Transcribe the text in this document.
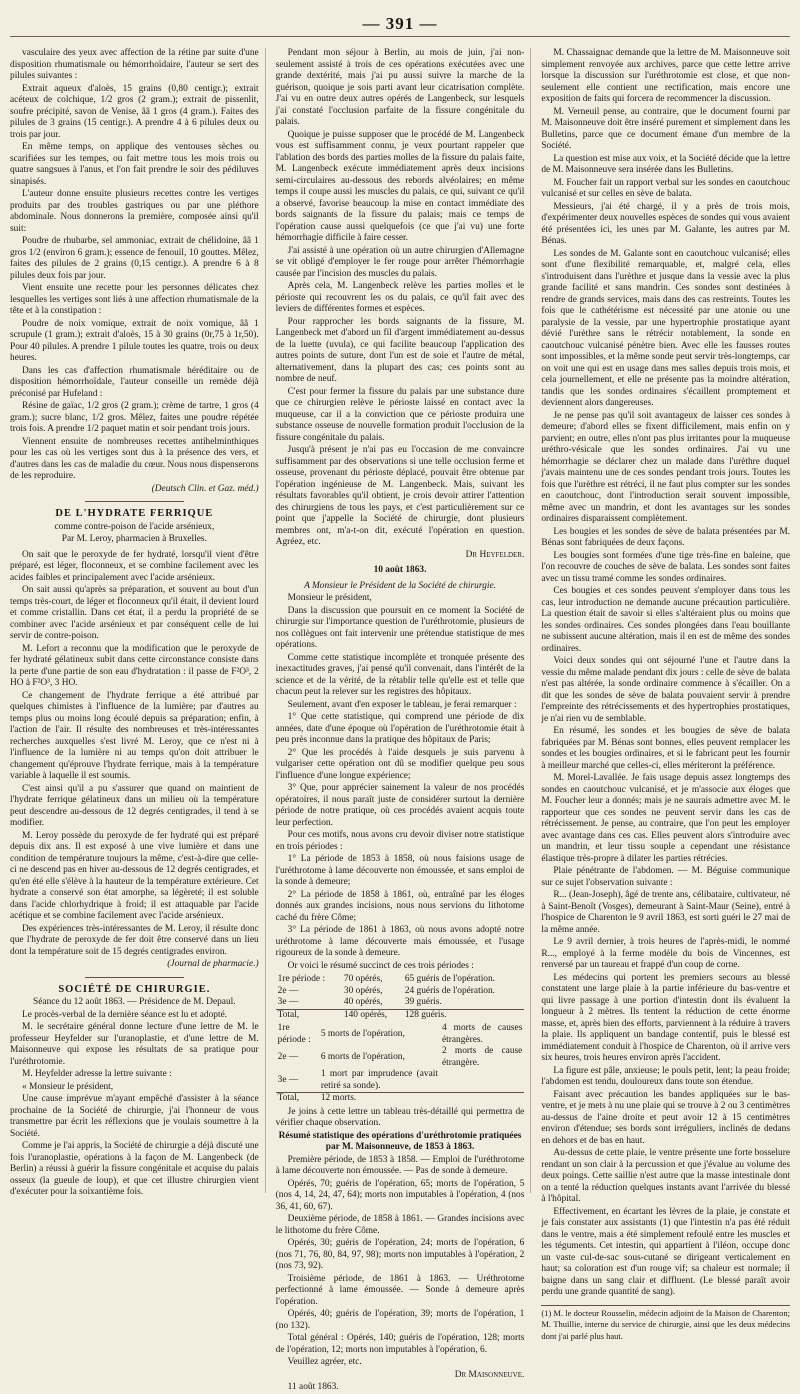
— 391 —

vasculaire des yeux avec affection de la rétine par suite d'une disposition rhumatismale ou hémorrhoïdaire, l'auteur se sert des pilules suivantes :

Extrait aqueux d'aloès, 15 grains (0,80 centigr.); extrait acéteux de colchique, 1/2 gros (2 gram.); extrait de pissenlit, soufre précipité, savon de Venise, âã 1 gros (4 gram.). Faites des pilules de 3 grains (15 centigr.). A prendre 4 à 6 pilules deux ou trois par jour.

En même temps, on applique des ventouses sèches ou scarifiées sur les tempes, ou fait mettre tous les mois trois ou quatre sangsues à l'anus, et l'on fait prendre le soir des pédiluves sinapisés.

L'auteur donne ensuite plusieurs recettes contre les vertiges produits par des troubles gastriques ou par une pléthore abdominale. Nous donnerons la première, composée ainsi qu'il suit:

Poudre de rhubarbe, sel ammoniac, extrait de chélidoine, âã 1 gros 1/2 (environ 6 gram.); essence de fenouil, 10 gouttes. Mêlez, faites des pilules de 2 grains (0,15 centigr.). A prendre 6 à 8 pilules deux fois par jour.

Vient ensuite une recette pour les personnes délicates chez lesquelles les vertiges sont liés à une affection rhumatismale de la tête et à la constipation :

Poudre de noix vomique, extrait de noix vomique, âã 1 scrupule (1 gram.); extrait d'aloès, 15 à 30 grains (0r,75 à 1r,50). Pour 40 pilules. A prendre 1 pilule toutes les quatre, trois ou deux heures.

Dans les cas d'affection rhumatismale héréditaire ou de disposition hémorrhoïdale, l'auteur conseille un remède déjà préconisé par Hufeland :

Résine de gaïac, 1/2 gros (2 gram.); crème de tartre, 1 gros (4 gram.); sucre blanc, 1/2 gros. Mêlez, faites une poudre répétée trois fois. A prendre 1/2 paquet matin et soir pendant trois jours.

Viennent ensuite de nombreuses recettes antihelminthiques pour les cas où les vertiges sont dus à la présence des vers, et d'autres dans les cas de maladie du cœur. Nous nous dispenserons de les reproduire.

(Deutsch Clin. et Gaz. méd.)

DE L'HYDRATE FERRIQUE
comme contre-poison de l'acide arsénieux,
Par M. Leroy, pharmacien à Bruxelles.

On sait que le peroxyde de fer hydraté, lorsqu'il vient d'être préparé, est léger, floconneux, et se combine facilement avec les acides faibles et principalement avec l'acide arsénieux.

On sait aussi qu'après sa préparation, et souvent au bout d'un temps très-court, de léger et floconneux qu'il était, il devient lourd et comme cristallin. Dans cet état, il a perdu la propriété de se combiner avec l'acide arsénieux et par conséquent celle de lui servir de contre-poison.

M. Lefort a reconnu que la modification que le peroxyde de fer hydraté gélatineux subit dans cette circonstance consiste dans la perte d'une partie de son eau d'hydratation : il passe de F²O³, 2 HO à F²O³, 3 HO.

Ce changement de l'hydrate ferrique a été attribué par quelques chimistes à l'influence de la lumière; par d'autres au temps plus ou moins long écoulé depuis sa préparation; enfin, à l'action de l'air. Il résulte des nombreuses et très-intéressantes recherches auxquelles s'est livré M. Leroy, que ce n'est ni à l'influence de la lumière ni au temps qu'on doit attribuer le changement qu'éprouve l'hydrate ferrique, mais à la température variable à laquelle il est soumis.

C'est ainsi qu'il a pu s'assurer que quand on maintient de l'hydrate ferrique gélatineux dans un milieu où la température peut descendre au-dessous de 12 degrés centigrades, il tend à se modifier.

M. Leroy possède du peroxyde de fer hydraté qui est préparé depuis dix ans. Il est exposé à une vive lumière et dans une condition de température toujours la même, c'est-à-dire que celle-ci ne descend pas en hiver au-dessous de 12 degrés centigrades, et qu'en été elle s'élève à la hauteur de la température extérieure. Cet hydrate a conservé son état amorphe, sa légèreté; il est soluble dans l'acide chlorhydrique à froid; il est attaquable par l'acide acétique et se combine facilement avec l'acide arsénieux.

Des expériences très-intéressantes de M. Leroy, il résulte donc que l'hydrate de peroxyde de fer doit être conservé dans un lieu dont la température soit de 15 degrés centigrades environ.

(Journal de pharmacie.)

SOCIÉTÉ DE CHIRURGIE.

Séance du 12 août 1863. — Présidence de M. Depaul.

Le procès-verbal de la dernière séance est lu et adopté.

M. le secrétaire général donne lecture d'une lettre de M. le professeur Heyfelder sur l'uranoplastie, et d'une lettre de M. Maisonneuve qui expose les résultats de sa pratique pour l'uréthrotomie.

M. Heyfelder adresse la lettre suivante :

« Monsieur le président,

Une cause imprévue m'ayant empêché d'assister à la séance prochaine de la Société de chirurgie, j'ai l'honneur de vous transmettre par écrit les réflexions que je voulais soumettre à la Société.

Comme je l'ai appris, la Société de chirurgie a déjà discuté une fois l'uranoplastie, opérations à la façon de M. Langenbeck (de Berlin) a réussi à guérir la fissure congénitale et acquise du palais osseux (la gueule de loup), et que cet illustre chirurgien vient d'exécuter pour la soixantième fois.

Pendant mon séjour à Berlin, au mois de juin, j'ai non-seulement assisté à trois de ces opérations exécutées avec une grande dextérité, mais j'ai pu aussi suivre la marche de la guérison, quoique je sois parti avant leur cicatrisation complète. J'ai vu en outre deux autres opérés de Langenbeck, sur lesquels j'ai constaté l'occlusion parfaite de la fissure congénitale du palais.

Quoique je puisse supposer que le procédé de M. Langenbeck vous est suffisamment connu, je veux pourtant rappeler que l'ablation des bords des parties molles de la fissure du palais faite, M. Langenbeck exécute immédiatement après deux incisions semi-circulaires au-dessous des rebords alvéolaires; en même temps il coupe aussi les muscles du palais, ce qui, suivant ce qu'il a observé, favorise beaucoup la mise en contact immédiate des bords saignants de la fissure du palais; mais ce temps de l'opération cause aussi quelquefois (ce que j'ai vu) une forte hémorrhagie difficile à faire cesser.

J'ai assisté à une opération où un autre chirurgien d'Allemagne se vit obligé d'employer le fer rouge pour arrêter l'hémorrhagie causée par l'incision des muscles du palais.

Après cela, M. Langenbeck relève les parties molles et le périoste qui recouvrent les os du palais, ce qu'il fait avec des leviers de différentes formes et espèces.

Pour rapprocher les bords saignants de la fissure, M. Langenbeck met d'abord un fil d'argent immédiatement au-dessus de la luette (uvula), ce qui facilite beaucoup l'application des autres points de suture, dont l'un est de soie et l'autre de métal, alternativement, dans la plupart des cas; ces points sont au nombre de neuf.

C'est pour fermer la fissure du palais par une substance dure que ce chirurgien relève le périoste laissé en contact avec la muqueuse, car il a la conviction que ce périoste produira une substance osseuse de nouvelle formation produit l'occlusion de la fissure congénitale du palais.

Jusqu'à présent je n'ai pas eu l'occasion de me convaincre suffisamment par des observations si une telle occlusion ferme et osseuse, provenant du périoste déplacé, pouvait être obtenue par l'opération ingénieuse de M. Langenbeck. Mais, suivant les résultats favorables qu'il obtient, je crois devoir attirer l'attention des chirurgiens de tous les pays, et c'est particulièrement sur ce point que j'appelle la Société de chirurgie, dont plusieurs membres ont, m'a-t-on dit, exécuté l'opération en question. Agréez, etc.

Dr Heyfelder.

10 août 1863.

A Monsieur le Président de la Société de chirurgie.

Monsieur le président,

Dans la discussion que poursuit en ce moment la Société de chirurgie sur l'importance question de l'uréthrotomie, plusieurs de nos collègues ont fait intervenir une prétendue statistique de mes opérations.

Comme cette statistique incomplète et tronquée présente des inexactitudes graves, j'ai pensé qu'il convenait, dans l'intérêt de la science et de la vérité, de la rétablir telle qu'elle est et telle que chacun peut la relever sur les registres des hôpitaux.

Seulement, avant d'en exposer le tableau, je ferai remarquer :

1° Que cette statistique, qui comprend une période de dix années, date d'une époque où l'opération de l'uréthrotomie était à peu près inconnue dans la pratique des hôpitaux de Paris;

2° Que les procédés à l'aide desquels je suis parvenu à vulgariser cette opération ont dû se modifier quelque peu sous l'influence d'une longue expérience;

3° Que, pour apprécier sainement la valeur de nos procédés opératoires, il nous paraît juste de considérer surtout la dernière période de notre pratique, où ces procédés avaient acquis toute leur perfection.

Pour ces motifs, nous avons cru devoir diviser notre statistique en trois périodes :

1° La période de 1853 à 1858, où nous faisions usage de l'uréthrotome à lame découverte non émoussée, et sans emploi de la sonde à demeure;

2° La période de 1858 à 1861, où, entraîné par les éloges donnés aux grandes incisions, nous nous servions du lithotome caché du frère Côme;

3° La période de 1861 à 1863, où nous avons adopté notre uréthrotome à lame découverte mais émoussée, et l'usage rigoureux de la sonde à demeure.

Or voici le résumé succinct de ces trois périodes :

1re période :	70 opérés,	65 guéris de l'opération.
2e —	30 opérés,	24 guéris de l'opération.
3e —	40 opérés,	39 guéris.
Total,	140 opérés,	128 guéris.
1re période :	5 morts de l'opération,	4 morts de causes étrangères.
2e —	6 morts de l'opération,	2 morts de cause étrangère.
3e —	1 mort par imprudence (avait retiré sa sonde).	
Total,	12 morts.	

Je joins à cette lettre un tableau très-détaillé qui permettra de vérifier chaque observation.

Résumé statistique des opérations d'uréthrotomie pratiquées par M. Maisonneuve, de 1853 à 1863.

Première période, de 1853 à 1858. — Emploi de l'uréthrotome à lame découverte non émoussée. — Pas de sonde à demeure.

Opérés, 70; guéris de l'opération, 65; morts de l'opération, 5 (nos 4, 14, 24, 47, 64); morts non imputables à l'opération, 4 (nos 36, 41, 60, 67).

Deuxième période, de 1858 à 1861. — Grandes incisions avec le lithotome du frère Côme.

Opérés, 30; guéris de l'opération, 24; morts de l'opération, 6 (nos 71, 76, 80, 84, 97, 98); morts non imputables à l'opération, 2 (nos 73, 92).

Troisième période, de 1861 à 1863. — Uréthrotome perfectionné à lame émoussée. — Sonde à demeure après l'opération.

Opérés, 40; guéris de l'opération, 39; morts de l'opération, 1 (no 132).

Total général : Opérés, 140; guéris de l'opération, 128; morts de l'opération, 12; morts non imputables à l'opération, 6.

Veuillez agréer, etc.

Dr Maisonneuve.

11 août 1863.

M. Chassaignac demande que la lettre de M. Maisonneuve soit simplement renvoyée aux archives, parce que cette lettre arrive lorsque la discussion sur l'uréthrotomie est close, et que non-seulement elle contient une rectification, mais encore une exposition de faits qui forcera de recommencer la discussion.

M. Verneuil pense, au contraire, que le document fourni par M. Maisonneuve doit être inséré purement et simplement dans les Bulletins, parce que ce document émane d'un membre de la Société.

La question est mise aux voix, et la Société décide que la lettre de M. Maisonneuve sera insérée dans les Bulletins.

M. Foucher fait un rapport verbal sur les sondes en caoutchouc vulcanisé et sur celles en sève de balata.

Messieurs, j'ai été chargé, il y a près de trois mois, d'expérimenter deux nouvelles espèces de sondes qui vous avaient été présentées ici, les unes par M. Galante, les autres par M. Bénas.

Les sondes de M. Galante sont en caoutchouc vulcanisé; elles sont d'une flexibilité remarquable, et, malgré cela, elles s'introduisent dans l'urèthre et jusque dans la vessie avec la plus grande facilité et sans mandrin. Ces sondes sont destinées à rendre de grands services, mais dans des cas restreints. Toutes les fois que le cathétérisme est nécessité par une atonie ou une paralysie de la vessie, par une hypertrophie prostatique ayant dévié l'urèthre sans le rétrécir notablement, la sonde en caoutchouc vulcanisé pénètre bien. Avec elle les fausses routes sont impossibles, et la même sonde peut servir très-longtemps, car on voit une qui est en usage dans mes salles depuis trois mois, et cela journellement, et elle ne présente pas la moindre altération, tandis que les sondes ordinaires s'écaillent promptement et deviennent alors dangereuses.

Je ne pense pas qu'il soit avantageux de laisser ces sondes à demeure; d'abord elles se fixent difficilement, mais enfin on y parvient; en outre, elles n'ont pas plus irritantes pour la muqueuse uréthro-vésicale que les sondes ordinaires. J'ai vu une hémorrhagie se déclarer chez un malade dans l'urèthre duquel j'avais maintenu une de ces sondes pendant trois jours. Toutes les fois que l'urèthre est rétréci, il ne faut plus compter sur les sondes en caoutchouc, dont l'introduction serait souvent impossible, même avec un mandrin, et dont les avantages sur les sondes ordinaires disparaissent complètement.

Les bougies et les sondes de sève de balata présentées par M. Bénas sont fabriquées de deux façons.

Les bougies sont formées d'une tige très-fine en baleine, que l'on recouvre de couches de sève de balata. Les sondes sont faites avec un tissu tramé comme les sondes ordinaires.

Ces bougies et ces sondes peuvent s'employer dans tous les cas, leur introduction ne demande aucune précaution particulière. La question était de savoir si elles s'altéraient plus ou moins que les sondes ordinaires. Ces sondes plongées dans l'eau bouillante ne subissent aucune altération, mais il en est de même des sondes ordinaires.

Voici deux sondes qui ont séjourné l'une et l'autre dans la vessie du même malade pendant dix jours : celle de sève de balata n'est pas altérée, la sonde ordinaire commence à s'écailler. On a dit que les sondes de sève de balata pouvaient servir à prendre l'empreinte des rétrécissements et des hypertrophies prostatiques, je n'ai rien vu de semblable.

En résumé, les sondes et les bougies de sève de balata fabriquées par M. Bénas sont bonnes, elles peuvent remplacer les sondes et les bougies ordinaires, et si le fabricant peut les fournir à meilleur marché que celles-ci, elles mériteront la préférence.

M. Morel-Lavallée. Je fais usage depuis assez longtemps des sondes en caoutchouc vulcanisé, et je m'associe aux éloges que M. Foucher leur a donnés; mais je ne saurais admettre avec M. le rapporteur que ces sondes ne peuvent servir dans les cas de rétrécissement. Je pense, au contraire, que l'on peut les employer avec avantage dans ces cas. Elles peuvent alors s'introduire avec un mandrin, et leur tissu souple a cependant une résistance élastique très-propre à dilater les parties rétrécies.

Plaie pénétrante de l'abdomen. — M. Béguise communique sur ce sujet l'observation suivante :

R... (Jean-Joseph), âgé de trente ans, célibataire, cultivateur, né à Saint-Benoît (Vosges), demeurant à Saint-Maur (Seine), entré à l'hospice de Charenton le 9 avril 1863, est sorti guéri le 27 mai de la même année.

Le 9 avril dernier, à trois heures de l'après-midi, le nommé R..., employé à la ferme modèle du bois de Vincennes, est renversé par un taureau et frappé d'un coup de corne.

Les médecins qui portent les premiers secours au blessé constatent une large plaie à la partie inférieure du bas-ventre et qui livre passage à une portion d'intestin dont ils évaluent la longueur à 2 mètres. Ils tentent la réduction de cette énorme masse, et, après bien des efforts, parviennent à la réduire à travers la plaie. Ils appliquent un bandage contentif, puis le blessé est immédiatement conduit à l'hospice de Charenton, où il arrive vers six heures, trois heures environ après l'accident.

La figure est pâle, anxieuse; le pouls petit, lent; la peau froide; l'abdomen est tendu, douloureux dans toute son étendue.

Faisant avec précaution les bandes appliquées sur le bas-ventre, et je mets à nu une plaie qui se trouve à 2 ou 3 centimètres au-dessus de l'aine droite et peut avoir 12 à 15 centimètres environ d'étendue; ses bords sont irréguliers, inclinés de dedans en dehors et de bas en haut.

Au-dessus de cette plaie, le ventre présente une forte bosselure rendant un son clair à la percussion et que j'évalue au volume des deux poings. Cette saillie n'est autre que la masse intestinale dont on a tenté la réduction quelques instants avant l'arrivée du blessé à l'hôpital.

Effectivement, en écartant les lèvres de la plaie, je constate et je fais constater aux assistants (1) que l'intestin n'a pas été réduit dans le ventre, mais a été simplement refoulé entre les muscles et les téguments. Cet intestin, qui appartient à l'iléon, occupe donc un vaste cul-de-sac sous-cutané se dirigeant verticalement en haut; sa coloration est d'un rouge vif; sa chaleur est normale; il baigne dans un sang clair et diffluent. (Le blessé paraît avoir perdu une grande quantité de sang).

(1) M. le docteur Rousselin, médecin adjoint de la Maison de Charenton; M. Thuillie, interne du service de chirurgie, ainsi que les deux médecins dont j'ai parlé plus haut.
